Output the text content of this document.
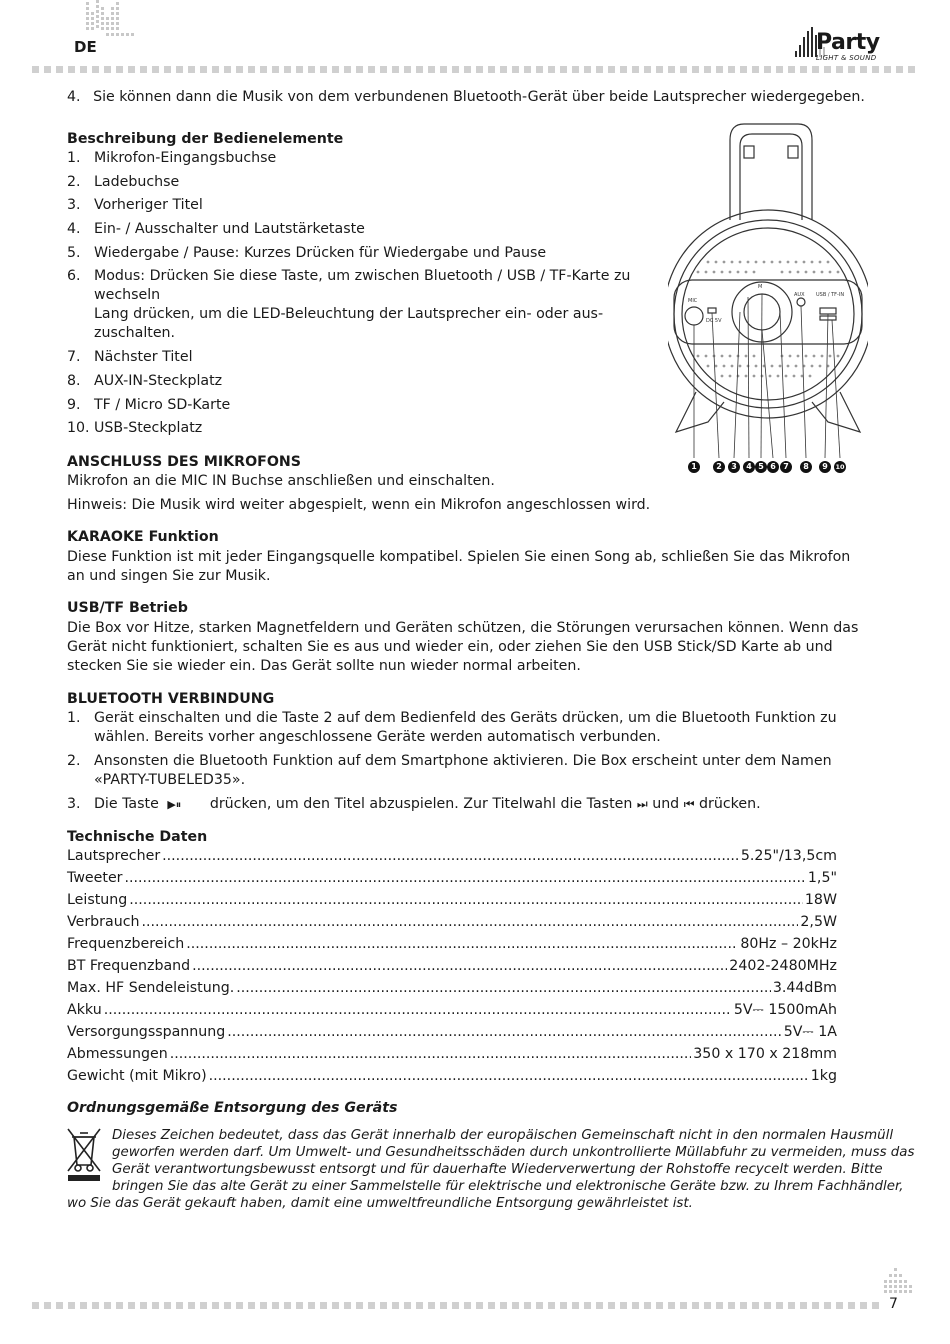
DE	Party
LIGHT & SOUND
4. Sie können dann die Musik von dem verbundenen Bluetooth-Gerät über beide Lautsprecher wiedergegeben.
Beschreibung der Bedienelemente
1. Mikrofon-Eingangsbuchse
2. Ladebuchse
3. Vorheriger Titel
4. Ein- / Ausschalter und Lautstärketaste
5. Wiedergabe / Pause: Kurzes Drücken für Wiedergabe und Pause
6. Modus: Drücken Sie diese Taste, um zwischen Bluetooth / USB / TF-Karte zu
wechseln
Lang drücken, um die LED-Beleuchtung der Lautsprecher ein- oder aus-
zuschalten.
7. Nächster Titel
8. AUX-IN-Steckplatz
9. TF / Micro SD-Karte
10. USB-Steckplatz
M
MIC
AUX USB / TF-IN
DC 5V
1	2	3	4 5 6 7	8	9	10
ANSCHLUSS DES MIKROFONS
Mikrofon an die MIC IN Buchse anschließen und einschalten.
Hinweis: Die Musik wird weiter abgespielt, wenn ein Mikrofon angeschlossen wird.
KARAOKE Funktion
Diese Funktion ist mit jeder Eingangsquelle kompatibel. Spielen Sie einen Song ab, schließen Sie das Mikrofon
an und singen Sie zur Musik.
USB/TF Betrieb
Die Box vor Hitze, starken Magnetfeldern und Geräten schützen, die Störungen verursachen können. Wenn das
Gerät nicht funktioniert, schalten Sie es aus und wieder ein, oder ziehen Sie den USB Stick/SD Karte ab und
stecken Sie sie wieder ein. Das Gerät sollte nun wieder normal arbeiten.
BLUETOOTH VERBINDUNG
1. Gerät einschalten und die Taste 2 auf dem Bedienfeld des Geräts drücken, um die Bluetooth Funktion zu
wählen. Bereits vorher angeschlossene Geräte werden automatisch verbunden.
2. Ansonsten die Bluetooth Funktion auf dem Smartphone aktivieren. Die Box erscheint unter dem Namen
«PARTY-TUBELED35».
3. Die Taste ▶⏸ drücken, um den Titel abzuspielen. Zur Titelwahl die Tasten ⏭ und ⏮ drücken.
Technische Daten
Lautsprecher .....	5.25"/13,5cm
Tweeter .....	1,5"
Leistung .....	18W
Verbrauch .....	2,5W
Frequenzbereich .....	80Hz – 20kHz
BT Frequenzband .....	2402-2480MHz
Max. HF Sendeleistung. .....	3.44dBm
Akku .....	5V⎓ 1500mAh
Versorgungsspannung .....	5V⎓ 1A
Abmessungen .....	350 x 170 x 218mm
Gewicht (mit Mikro) .....	1kg
Ordnungsgemäße Entsorgung des Geräts
Dieses Zeichen bedeutet, dass das Gerät innerhalb der europäischen Gemeinschaft nicht in den normalen Hausmüll
geworfen werden darf. Um Umwelt- und Gesundheitsschäden durch unkontrollierte Müllabfuhr zu vermeiden, muss das
Gerät verantwortungsbewusst entsorgt und für dauerhafte Wiederverwertung der Rohstoffe recycelt werden. Bitte
bringen Sie das alte Gerät zu einer Sammelstelle für elektrische und elektronische Geräte bzw. zu Ihrem Fachhändler,
wo Sie das Gerät gekauft haben, damit eine umweltfreundliche Entsorgung gewährleistet ist.
7
